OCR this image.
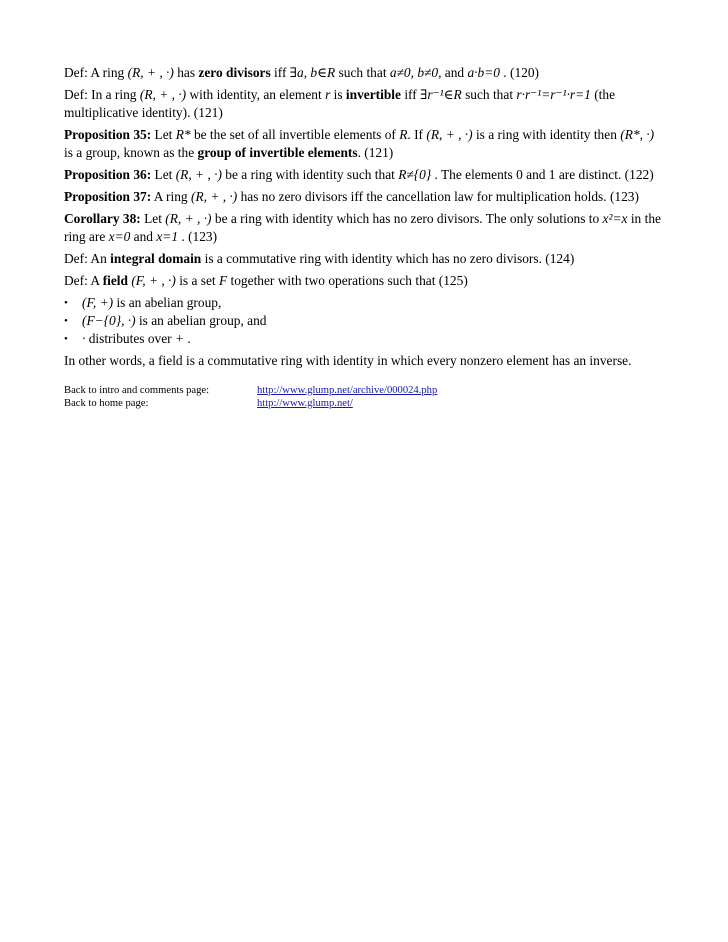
Def: A ring (R, + , ·) has zero divisors iff ∃a, b∈R such that a≠0, b≠0, and a·b=0 . (120)

Def: In a ring (R, + , ·) with identity, an element r is invertible iff ∃r⁻¹∈R such that r·r⁻¹=r⁻¹·r=1 (the multiplicative identity). (121)

Proposition 35: Let R* be the set of all invertible elements of R. If (R, + , ·) is a ring with identity then (R*, ·) is a group, known as the group of invertible elements. (121)

Proposition 36: Let (R, + , ·) be a ring with identity such that R≠{0} . The elements 0 and 1 are distinct. (122)

Proposition 37: A ring (R, + , ·) has no zero divisors iff the cancellation law for multiplication holds. (123)

Corollary 38: Let (R, + , ·) be a ring with identity which has no zero divisors. The only solutions to x²=x in the ring are x=0 and x=1 . (123)

Def: An integral domain is a commutative ring with identity which has no zero divisors. (124)

Def: A field (F, + , ·) is a set F together with two operations such that (125)

• (F, +) is an abelian group,
• (F−{0}, ·) is an abelian group, and
• · distributes over + .

In other words, a field is a commutative ring with identity in which every nonzero element has an inverse.

Back to intro and comments page:	http://www.glump.net/archive/000024.php
Back to home page:	http://www.glump.net/
